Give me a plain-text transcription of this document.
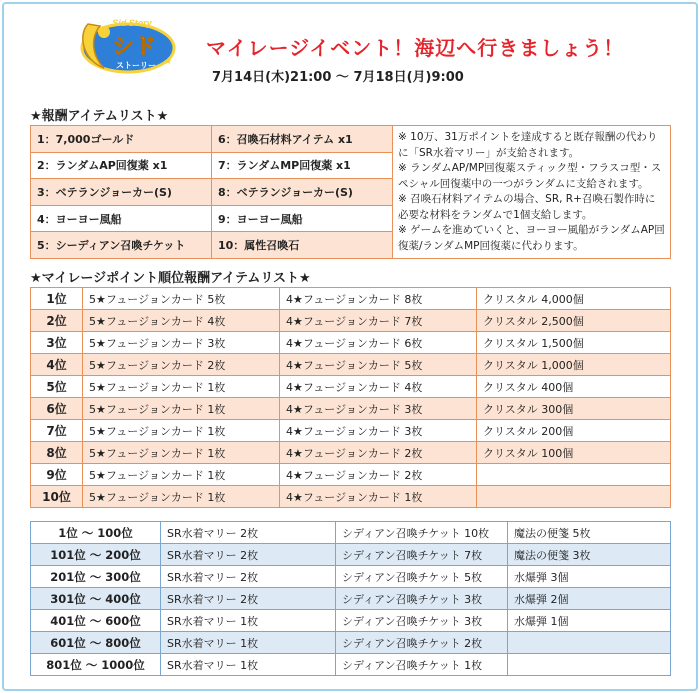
Sid Story
シド
ストーリー ★
マイレージイベント！海辺へ行きましょう！
7月14日(木)21:00 ～ 7月18日(月)9:00
★報酬アイテムリスト★
1：7,000ゴールド	6：召喚石材料アイテム x1	※ 10万、31万ポイントを達成すると既存報酬の代わりに「SR水着マリー」が支給されます。
※ ランダムAP/MP回復薬スティック型・フラスコ型・スペシャル回復薬中の一つがランダムに支給されます。
※ 召喚石材料アイテムの場合、SR, R+召喚石製作時に必要な材料をランダムで1個支給します。
※ ゲームを進めていくと、ヨーヨー風船がランダムAP回復薬/ランダムMP回復薬に代わります。
2：ランダムAP回復薬 x1	7：ランダムMP回復薬 x1	
3：ベテランジョーカー(S)	8：ベテランジョーカー(S)	
4：ヨーヨー風船	9：ヨーヨー風船	
5：シーディアン召喚チケット	10：属性召喚石	
★マイレージポイント順位報酬アイテムリスト★
1位	5★フュージョンカード 5枚	4★フュージョンカード 8枚	クリスタル 4,000個
2位	5★フュージョンカード 4枚	4★フュージョンカード 7枚	クリスタル 2,500個
3位	5★フュージョンカード 3枚	4★フュージョンカード 6枚	クリスタル 1,500個
4位	5★フュージョンカード 2枚	4★フュージョンカード 5枚	クリスタル 1,000個
5位	5★フュージョンカード 1枚	4★フュージョンカード 4枚	クリスタル 400個
6位	5★フュージョンカード 1枚	4★フュージョンカード 3枚	クリスタル 300個
7位	5★フュージョンカード 1枚	4★フュージョンカード 3枚	クリスタル 200個
8位	5★フュージョンカード 1枚	4★フュージョンカード 2枚	クリスタル 100個
9位	5★フュージョンカード 1枚	4★フュージョンカード 2枚	
10位	5★フュージョンカード 1枚	4★フュージョンカード 1枚	
1位 ～ 100位	SR水着マリー 2枚	シディアン召喚チケット 10枚	魔法の便箋 5枚
101位 ～ 200位	SR水着マリー 2枚	シディアン召喚チケット 7枚	魔法の便箋 3枚
201位 ～ 300位	SR水着マリー 2枚	シディアン召喚チケット 5枚	水爆弾 3個
301位 ～ 400位	SR水着マリー 2枚	シディアン召喚チケット 3枚	水爆弾 2個
401位 ～ 600位	SR水着マリー 1枚	シディアン召喚チケット 3枚	水爆弾 1個
601位 ～ 800位	SR水着マリー 1枚	シディアン召喚チケット 2枚	
801位 ～ 1000位	SR水着マリー 1枚	シディアン召喚チケット 1枚	
